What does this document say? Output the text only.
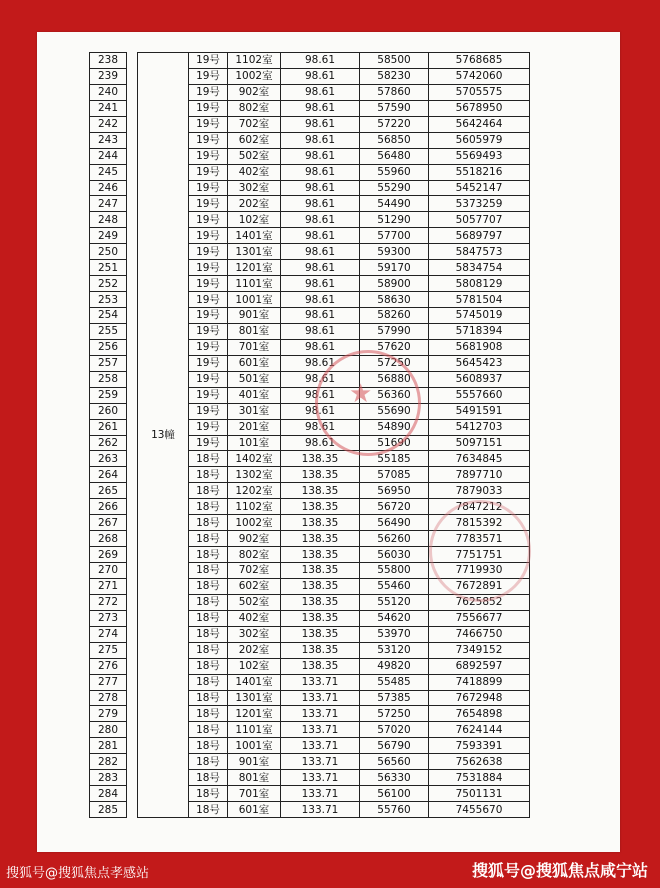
238		13幢	19号	1102室	98.61	58500	5768685
239			19号	1002室	98.61	58230	5742060
240			19号	902室	98.61	57860	5705575
241			19号	802室	98.61	57590	5678950
242			19号	702室	98.61	57220	5642464
243			19号	602室	98.61	56850	5605979
244			19号	502室	98.61	56480	5569493
245			19号	402室	98.61	55960	5518216
246			19号	302室	98.61	55290	5452147
247			19号	202室	98.61	54490	5373259
248			19号	102室	98.61	51290	5057707
249			19号	1401室	98.61	57700	5689797
250			19号	1301室	98.61	59300	5847573
251			19号	1201室	98.61	59170	5834754
252			19号	1101室	98.61	58900	5808129
253			19号	1001室	98.61	58630	5781504
254			19号	901室	98.61	58260	5745019
255			19号	801室	98.61	57990	5718394
256			19号	701室	98.61	57620	5681908
257			19号	601室	98.61	57250	5645423
258			19号	501室	98.61	56880	5608937
259			19号	401室	98.61	56360	5557660
260			19号	301室	98.61	55690	5491591
261			19号	201室	98.61	54890	5412703
262			19号	101室	98.61	51690	5097151
263			18号	1402室	138.35	55185	7634845
264			18号	1302室	138.35	57085	7897710
265			18号	1202室	138.35	56950	7879033
266			18号	1102室	138.35	56720	7847212
267			18号	1002室	138.35	56490	7815392
268			18号	902室	138.35	56260	7783571
269			18号	802室	138.35	56030	7751751
270			18号	702室	138.35	55800	7719930
271			18号	602室	138.35	55460	7672891
272			18号	502室	138.35	55120	7625852
273			18号	402室	138.35	54620	7556677
274			18号	302室	138.35	53970	7466750
275			18号	202室	138.35	53120	7349152
276			18号	102室	138.35	49820	6892597
277			18号	1401室	133.71	55485	7418899
278			18号	1301室	133.71	57385	7672948
279			18号	1201室	133.71	57250	7654898
280			18号	1101室	133.71	57020	7624144
281			18号	1001室	133.71	56790	7593391
282			18号	901室	133.71	56560	7562638
283			18号	801室	133.71	56330	7531884
284			18号	701室	133.71	56100	7501131
285			18号	601室	133.71	55760	7455670
★
搜狐号@搜狐焦点孝感站	搜狐号@搜狐焦点咸宁站
